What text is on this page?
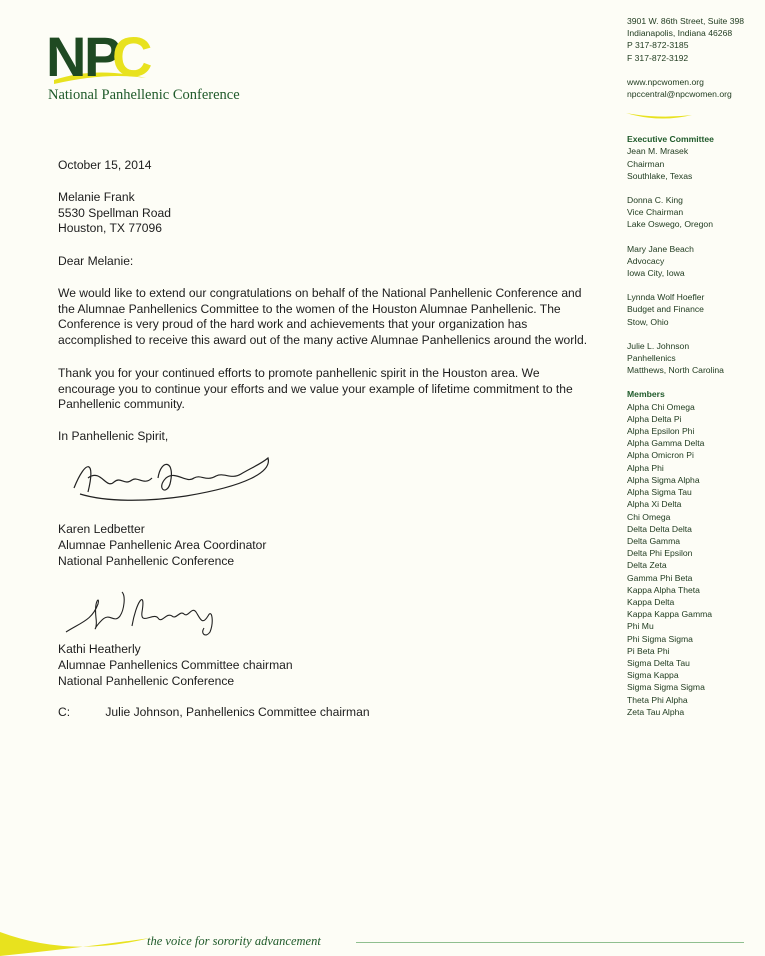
N P
C
National Panhellenic Conference

3901 W. 86th Street, Suite 398

Indianapolis, Indiana 46268

P 317-872-3185

F 317-872-3192

www.npcwomen.org

npccentral@npcwomen.org

Executive Committee
Jean M. Mrasek
Chairman
Southlake, Texas
Donna C. King
Vice Chairman
Lake Oswego, Oregon
Mary Jane Beach
Advocacy
Iowa City, Iowa
Lynnda Wolf Hoefler
Budget and Finance
Stow, Ohio
Julie L. Johnson
Panhellenics
Matthews, North Carolina
Members

Alpha Chi Omega

Alpha Delta Pi

Alpha Epsilon Phi

Alpha Gamma Delta

Alpha Omicron Pi

Alpha Phi

Alpha Sigma Alpha

Alpha Sigma Tau

Alpha Xi Delta

Chi Omega

Delta Delta Delta

Delta Gamma

Delta Phi Epsilon

Delta Zeta

Gamma Phi Beta

Kappa Alpha Theta

Kappa Delta

Kappa Kappa Gamma

Phi Mu

Phi Sigma Sigma

Pi Beta Phi

Sigma Delta Tau

Sigma Kappa

Sigma Sigma Sigma

Theta Phi Alpha

Zeta Tau Alpha

October 15, 2014
Melanie Frank
5530 Spellman Road
Houston, TX 77096
Dear Melanie:

We would like to extend our congratulations on behalf of the National Panhellenic Conference and the Alumnae Panhellenics Committee to the women of the Houston Alumnae Panhellenic. The Conference is very proud of the hard work and achievements that your organization has accomplished to receive this award out of the many active Alumnae Panhellenics around the world.

Thank you for your continued efforts to promote panhellenic spirit in the Houston area. We encourage you to continue your efforts and we value your example of lifetime commitment to the Panhellenic community.

In Panhellenic Spirit,
Karen Ledbetter
Alumnae Panhellenic Area Coordinator
National Panhellenic Conference
Kathi Heatherly
Alumnae Panhellenics Committee chairman
National Panhellenic Conference
C:	Julie Johnson, Panhellenics Committee chairman
the voice for sorority advancement
